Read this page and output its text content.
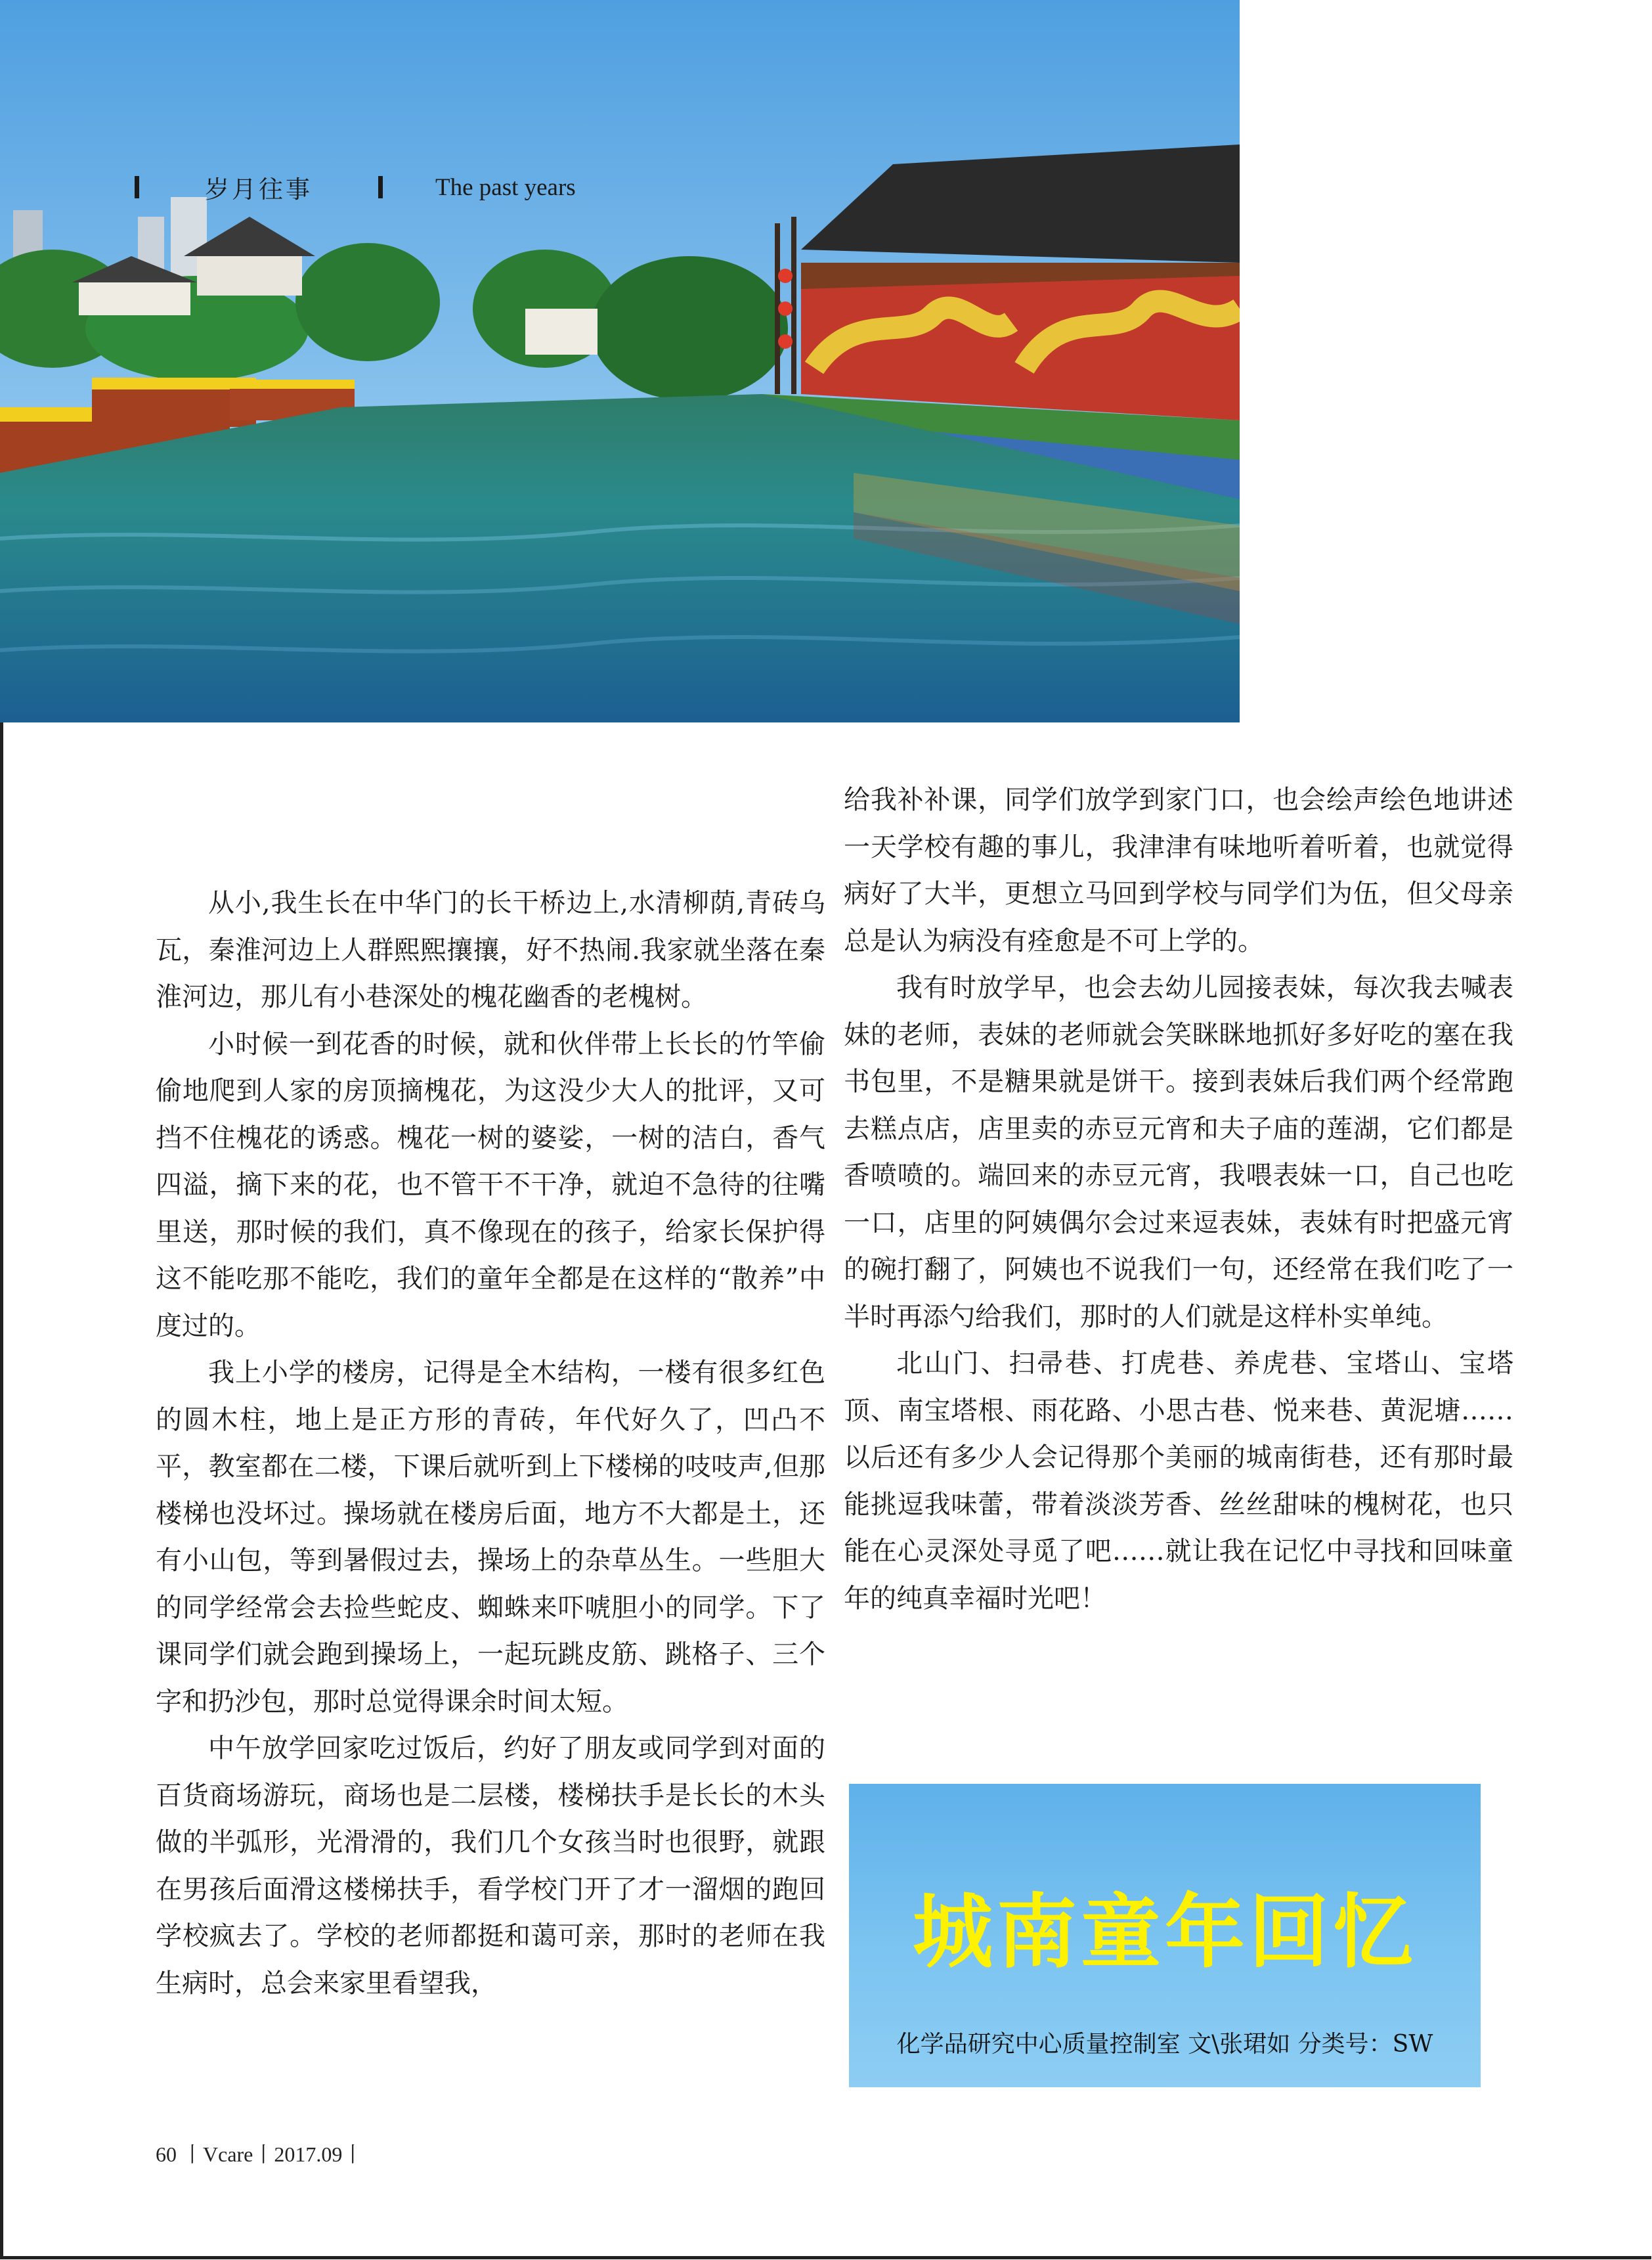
岁月往事	The past years

从小,我生长在中华门的长干桥边上,水清柳荫,青砖乌瓦，秦淮河边上人群熙熙攘攘，好不热闹.我家就坐落在秦淮河边，那儿有小巷深处的槐花幽香的老槐树。

小时候一到花香的时候，就和伙伴带上长长的竹竿偷偷地爬到人家的房顶摘槐花，为这没少大人的批评，又可挡不住槐花的诱惑。槐花一树的婆娑，一树的洁白，香气四溢，摘下来的花，也不管干不干净，就迫不急待的往嘴里送，那时候的我们，真不像现在的孩子，给家长保护得这不能吃那不能吃，我们的童年全都是在这样的“散养”中度过的。

我上小学的楼房，记得是全木结构，一楼有很多红色的圆木柱，地上是正方形的青砖，年代好久了，凹凸不平，教室都在二楼，下课后就听到上下楼梯的吱吱声,但那楼梯也没坏过。操场就在楼房后面，地方不大都是土，还有小山包，等到暑假过去，操场上的杂草丛生。一些胆大的同学经常会去捡些蛇皮、蜘蛛来吓唬胆小的同学。下了课同学们就会跑到操场上，一起玩跳皮筋、跳格子、三个字和扔沙包，那时总觉得课余时间太短。

中午放学回家吃过饭后，约好了朋友或同学到对面的百货商场游玩，商场也是二层楼，楼梯扶手是长长的木头做的半弧形，光滑滑的，我们几个女孩当时也很野，就跟在男孩后面滑这楼梯扶手，看学校门开了才一溜烟的跑回学校疯去了。学校的老师都挺和蔼可亲，那时的老师在我生病时，总会来家里看望我，

给我补补课，同学们放学到家门口，也会绘声绘色地讲述一天学校有趣的事儿，我津津有味地听着听着，也就觉得病好了大半，更想立马回到学校与同学们为伍，但父母亲总是认为病没有痊愈是不可上学的。

我有时放学早，也会去幼儿园接表妹，每次我去喊表妹的老师，表妹的老师就会笑眯眯地抓好多好吃的塞在我书包里，不是糖果就是饼干。接到表妹后我们两个经常跑去糕点店，店里卖的赤豆元宵和夫子庙的莲湖，它们都是香喷喷的。端回来的赤豆元宵，我喂表妹一口，自己也吃一口，店里的阿姨偶尔会过来逗表妹，表妹有时把盛元宵的碗打翻了，阿姨也不说我们一句，还经常在我们吃了一半时再添勺给我们，那时的人们就是这样朴实单纯。

北山门、扫帚巷、打虎巷、养虎巷、宝塔山、宝塔顶、南宝塔根、雨花路、小思古巷、悦来巷、黄泥塘……以后还有多少人会记得那个美丽的城南街巷，还有那时最能挑逗我味蕾，带着淡淡芳香、丝丝甜味的槐树花，也只能在心灵深处寻觅了吧……就让我在记忆中寻找和回味童年的纯真幸福时光吧！

城南童年回忆
化学品研究中心质量控制室 文\张珺如 分类号：SW
60 丨Vcare丨2017.09丨
